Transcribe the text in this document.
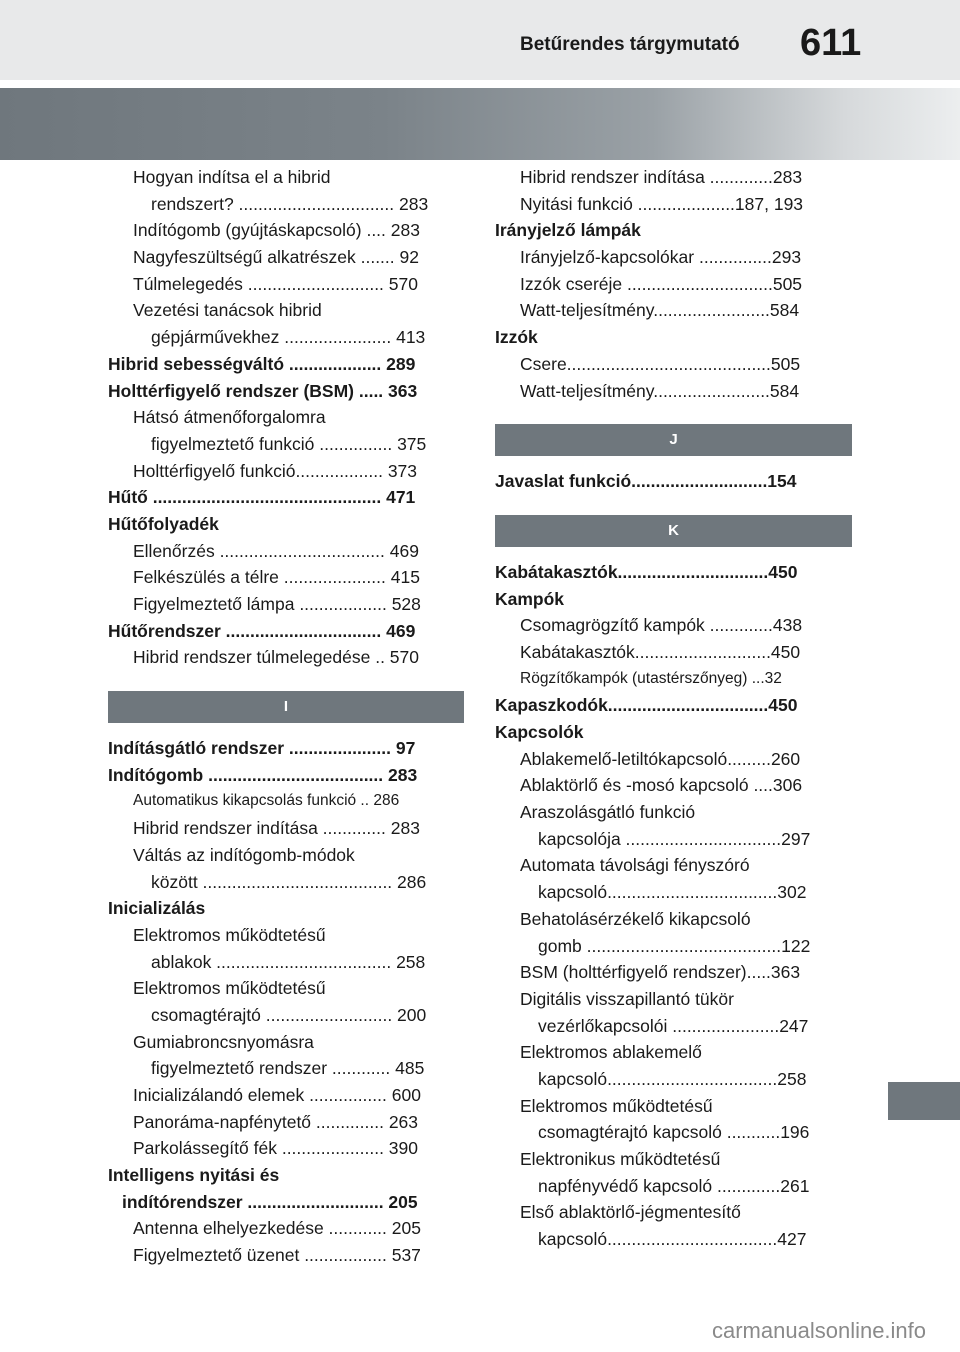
Betűrendes tárgymutató 611
Hogyan indítsa el a hibrid
rendszert? ................................ 283
Indítógomb (gyújtáskapcsoló) .... 283
Nagyfeszültségű alkatrészek ....... 92
Túlmelegedés ............................ 570
Vezetési tanácsok hibrid
gépjárművekhez ...................... 413
Hibrid sebességváltó ................... 289
Holttérfigyelő rendszer (BSM) ..... 363
Hátsó átmenőforgalomra
figyelmeztető funkció ............... 375
Holttérfigyelő funkció.................. 373
Hűtő ............................................... 471
Hűtőfolyadék
Ellenőrzés .................................. 469
Felkészülés a télre ..................... 415
Figyelmeztető lámpa .................. 528
Hűtőrendszer ................................ 469
Hibrid rendszer túlmelegedése .. 570
I
Indításgátló rendszer ..................... 97
Indítógomb .................................... 283
Automatikus kikapcsolás funkció .. 286
Hibrid rendszer indítása ............. 283
Váltás az indítógomb-módok
között ....................................... 286
Inicializálás
Elektromos működtetésű
ablakok .................................... 258
Elektromos működtetésű
csomagtérajtó .......................... 200
Gumiabroncsnyomásra
figyelmeztető rendszer ............ 485
Inicializálandó elemek ................ 600
Panoráma-napfénytető .............. 263
Parkolássegítő fék ..................... 390
Intelligens nyitási és
indítórendszer ............................ 205
Antenna elhelyezkedése ............ 205
Figyelmeztető üzenet ................. 537
Hibrid rendszer indítása .............283
Nyitási funkció ....................187, 193
Irányjelző lámpák
Irányjelző-kapcsolókar ...............293
Izzók cseréje ..............................505
Watt-teljesítmény........................584
Izzók
Csere..........................................505
Watt-teljesítmény........................584
J
Javaslat funkció............................154
K
Kabátakasztók...............................450
Kampók
Csomagrögzítő kampók .............438
Kabátakasztók............................450
Rögzítőkampók (utastérszőnyeg) ...32
Kapaszkodók.................................450
Kapcsolók
Ablakemelő-letiltókapcsoló.........260
Ablaktörlő és -mosó kapcsoló ....306
Araszolásgátló funkció
kapcsolója ................................297
Automata távolsági fényszóró
kapcsoló...................................302
Behatolásérzékelő kikapcsoló
gomb ........................................122
BSM (holttérfigyelő rendszer).....363
Digitális visszapillantó tükör
vezérlőkapcsolói ......................247
Elektromos ablakemelő
kapcsoló...................................258
Elektromos működtetésű
csomagtérajtó kapcsoló ...........196
Elektronikus működtetésű
napfényvédő kapcsoló .............261
Első ablaktörlő-jégmentesítő
kapcsoló...................................427
carmanualsonline.info
